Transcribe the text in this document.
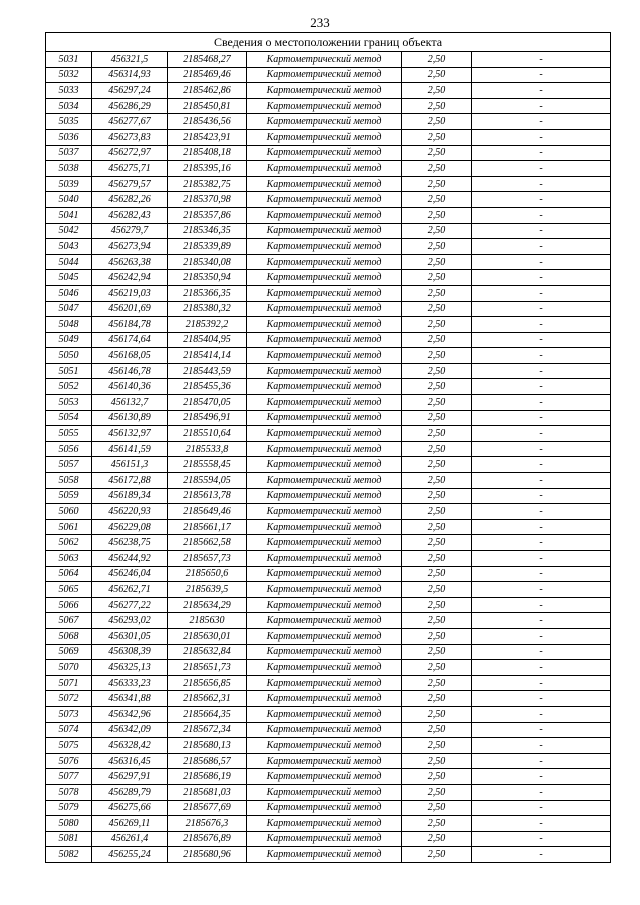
233
Сведения о местоположении границ объекта					
5031	456321,5	2185468,27	Картометрический метод	2,50	-
5032	456314,93	2185469,46	Картометрический метод	2,50	-
5033	456297,24	2185462,86	Картометрический метод	2,50	-
5034	456286,29	2185450,81	Картометрический метод	2,50	-
5035	456277,67	2185436,56	Картометрический метод	2,50	-
5036	456273,83	2185423,91	Картометрический метод	2,50	-
5037	456272,97	2185408,18	Картометрический метод	2,50	-
5038	456275,71	2185395,16	Картометрический метод	2,50	-
5039	456279,57	2185382,75	Картометрический метод	2,50	-
5040	456282,26	2185370,98	Картометрический метод	2,50	-
5041	456282,43	2185357,86	Картометрический метод	2,50	-
5042	456279,7	2185346,35	Картометрический метод	2,50	-
5043	456273,94	2185339,89	Картометрический метод	2,50	-
5044	456263,38	2185340,08	Картометрический метод	2,50	-
5045	456242,94	2185350,94	Картометрический метод	2,50	-
5046	456219,03	2185366,35	Картометрический метод	2,50	-
5047	456201,69	2185380,32	Картометрический метод	2,50	-
5048	456184,78	2185392,2	Картометрический метод	2,50	-
5049	456174,64	2185404,95	Картометрический метод	2,50	-
5050	456168,05	2185414,14	Картометрический метод	2,50	-
5051	456146,78	2185443,59	Картометрический метод	2,50	-
5052	456140,36	2185455,36	Картометрический метод	2,50	-
5053	456132,7	2185470,05	Картометрический метод	2,50	-
5054	456130,89	2185496,91	Картометрический метод	2,50	-
5055	456132,97	2185510,64	Картометрический метод	2,50	-
5056	456141,59	2185533,8	Картометрический метод	2,50	-
5057	456151,3	2185558,45	Картометрический метод	2,50	-
5058	456172,88	2185594,05	Картометрический метод	2,50	-
5059	456189,34	2185613,78	Картометрический метод	2,50	-
5060	456220,93	2185649,46	Картометрический метод	2,50	-
5061	456229,08	2185661,17	Картометрический метод	2,50	-
5062	456238,75	2185662,58	Картометрический метод	2,50	-
5063	456244,92	2185657,73	Картометрический метод	2,50	-
5064	456246,04	2185650,6	Картометрический метод	2,50	-
5065	456262,71	2185639,5	Картометрический метод	2,50	-
5066	456277,22	2185634,29	Картометрический метод	2,50	-
5067	456293,02	2185630	Картометрический метод	2,50	-
5068	456301,05	2185630,01	Картометрический метод	2,50	-
5069	456308,39	2185632,84	Картометрический метод	2,50	-
5070	456325,13	2185651,73	Картометрический метод	2,50	-
5071	456333,23	2185656,85	Картометрический метод	2,50	-
5072	456341,88	2185662,31	Картометрический метод	2,50	-
5073	456342,96	2185664,35	Картометрический метод	2,50	-
5074	456342,09	2185672,34	Картометрический метод	2,50	-
5075	456328,42	2185680,13	Картометрический метод	2,50	-
5076	456316,45	2185686,57	Картометрический метод	2,50	-
5077	456297,91	2185686,19	Картометрический метод	2,50	-
5078	456289,79	2185681,03	Картометрический метод	2,50	-
5079	456275,66	2185677,69	Картометрический метод	2,50	-
5080	456269,11	2185676,3	Картометрический метод	2,50	-
5081	456261,4	2185676,89	Картометрический метод	2,50	-
5082	456255,24	2185680,96	Картометрический метод	2,50	-
